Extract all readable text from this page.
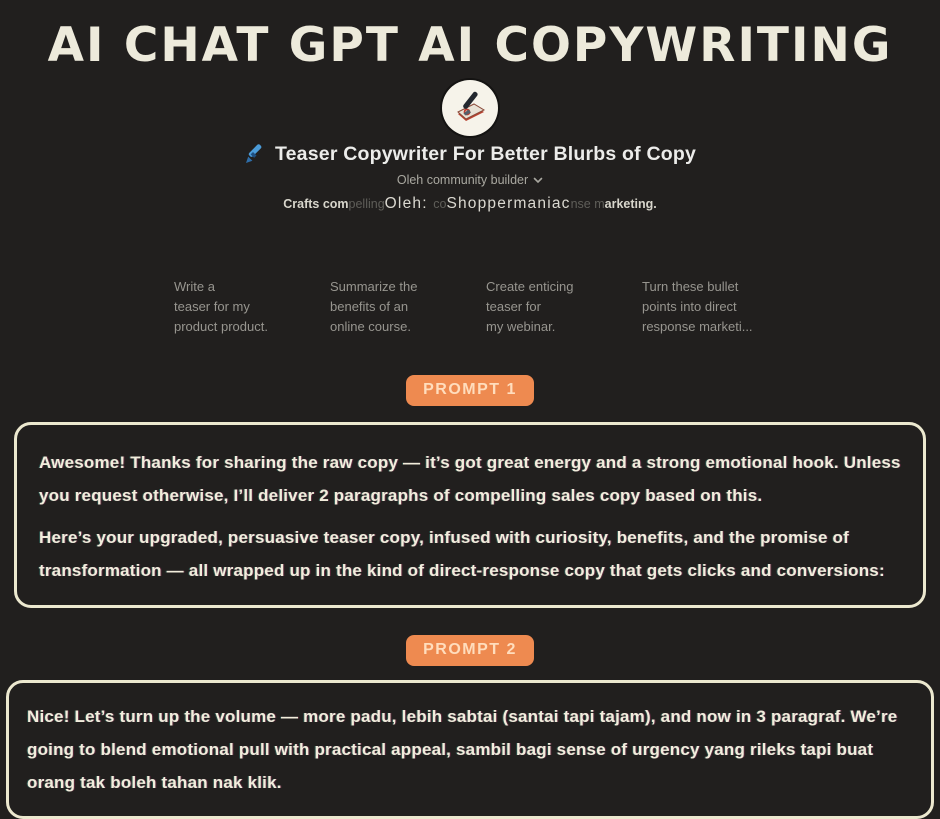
AI CHAT GPT AI COPYWRITING
Teaser Copywriter For Better Blurbs of Copy
Oleh community builder
Crafts compellingOleh: coShoppermaniacnse marketing.
Write a
teaser for my
product product.
Summarize the
benefits of an
online course.
Create enticing
teaser for
my webinar.
Turn these bullet
points into direct
response marketi...
PROMPT 1

Awesome! Thanks for sharing the raw copy — it’s got great energy and a strong emotional hook. Unless you request otherwise, I’ll deliver 2 paragraphs of compelling sales copy based on this.

Here’s your upgraded, persuasive teaser copy, infused with curiosity, benefits, and the promise of transformation — all wrapped up in the kind of direct-response copy that gets clicks and conversions:

PROMPT 2

Nice! Let’s turn up the volume — more padu, lebih sabtai (santai tapi tajam), and now in 3 paragraf. We’re going to blend emotional pull with practical appeal, sambil bagi sense of urgency yang rileks tapi buat orang tak boleh tahan nak klik.
